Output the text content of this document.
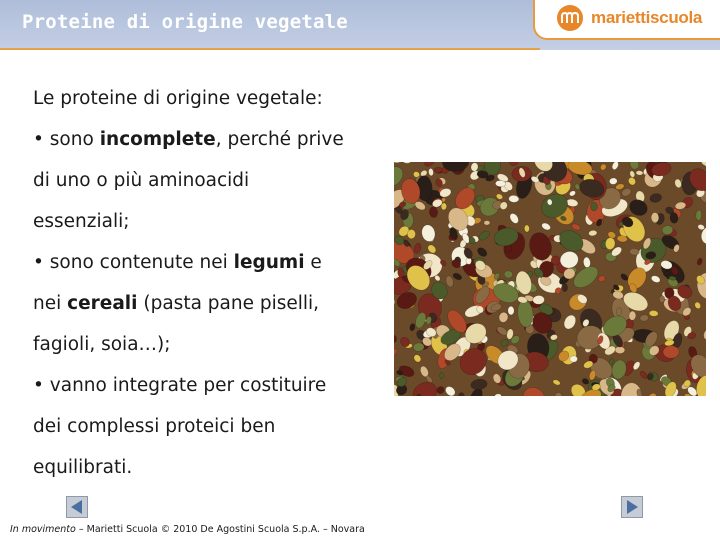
Proteine di origine vegetale	mariettiscuola

Le proteine di origine vegetale:

• sono incomplete, perché prive

di uno o più aminoacidi

essenziali;

• sono contenute nei legumi e

nei cereali (pasta pane piselli,

fagioli, soia…);

• vanno integrate per costituire

dei complessi proteici ben

equilibrati.

In movimento – Marietti Scuola © 2010 De Agostini Scuola S.p.A. – Novara
